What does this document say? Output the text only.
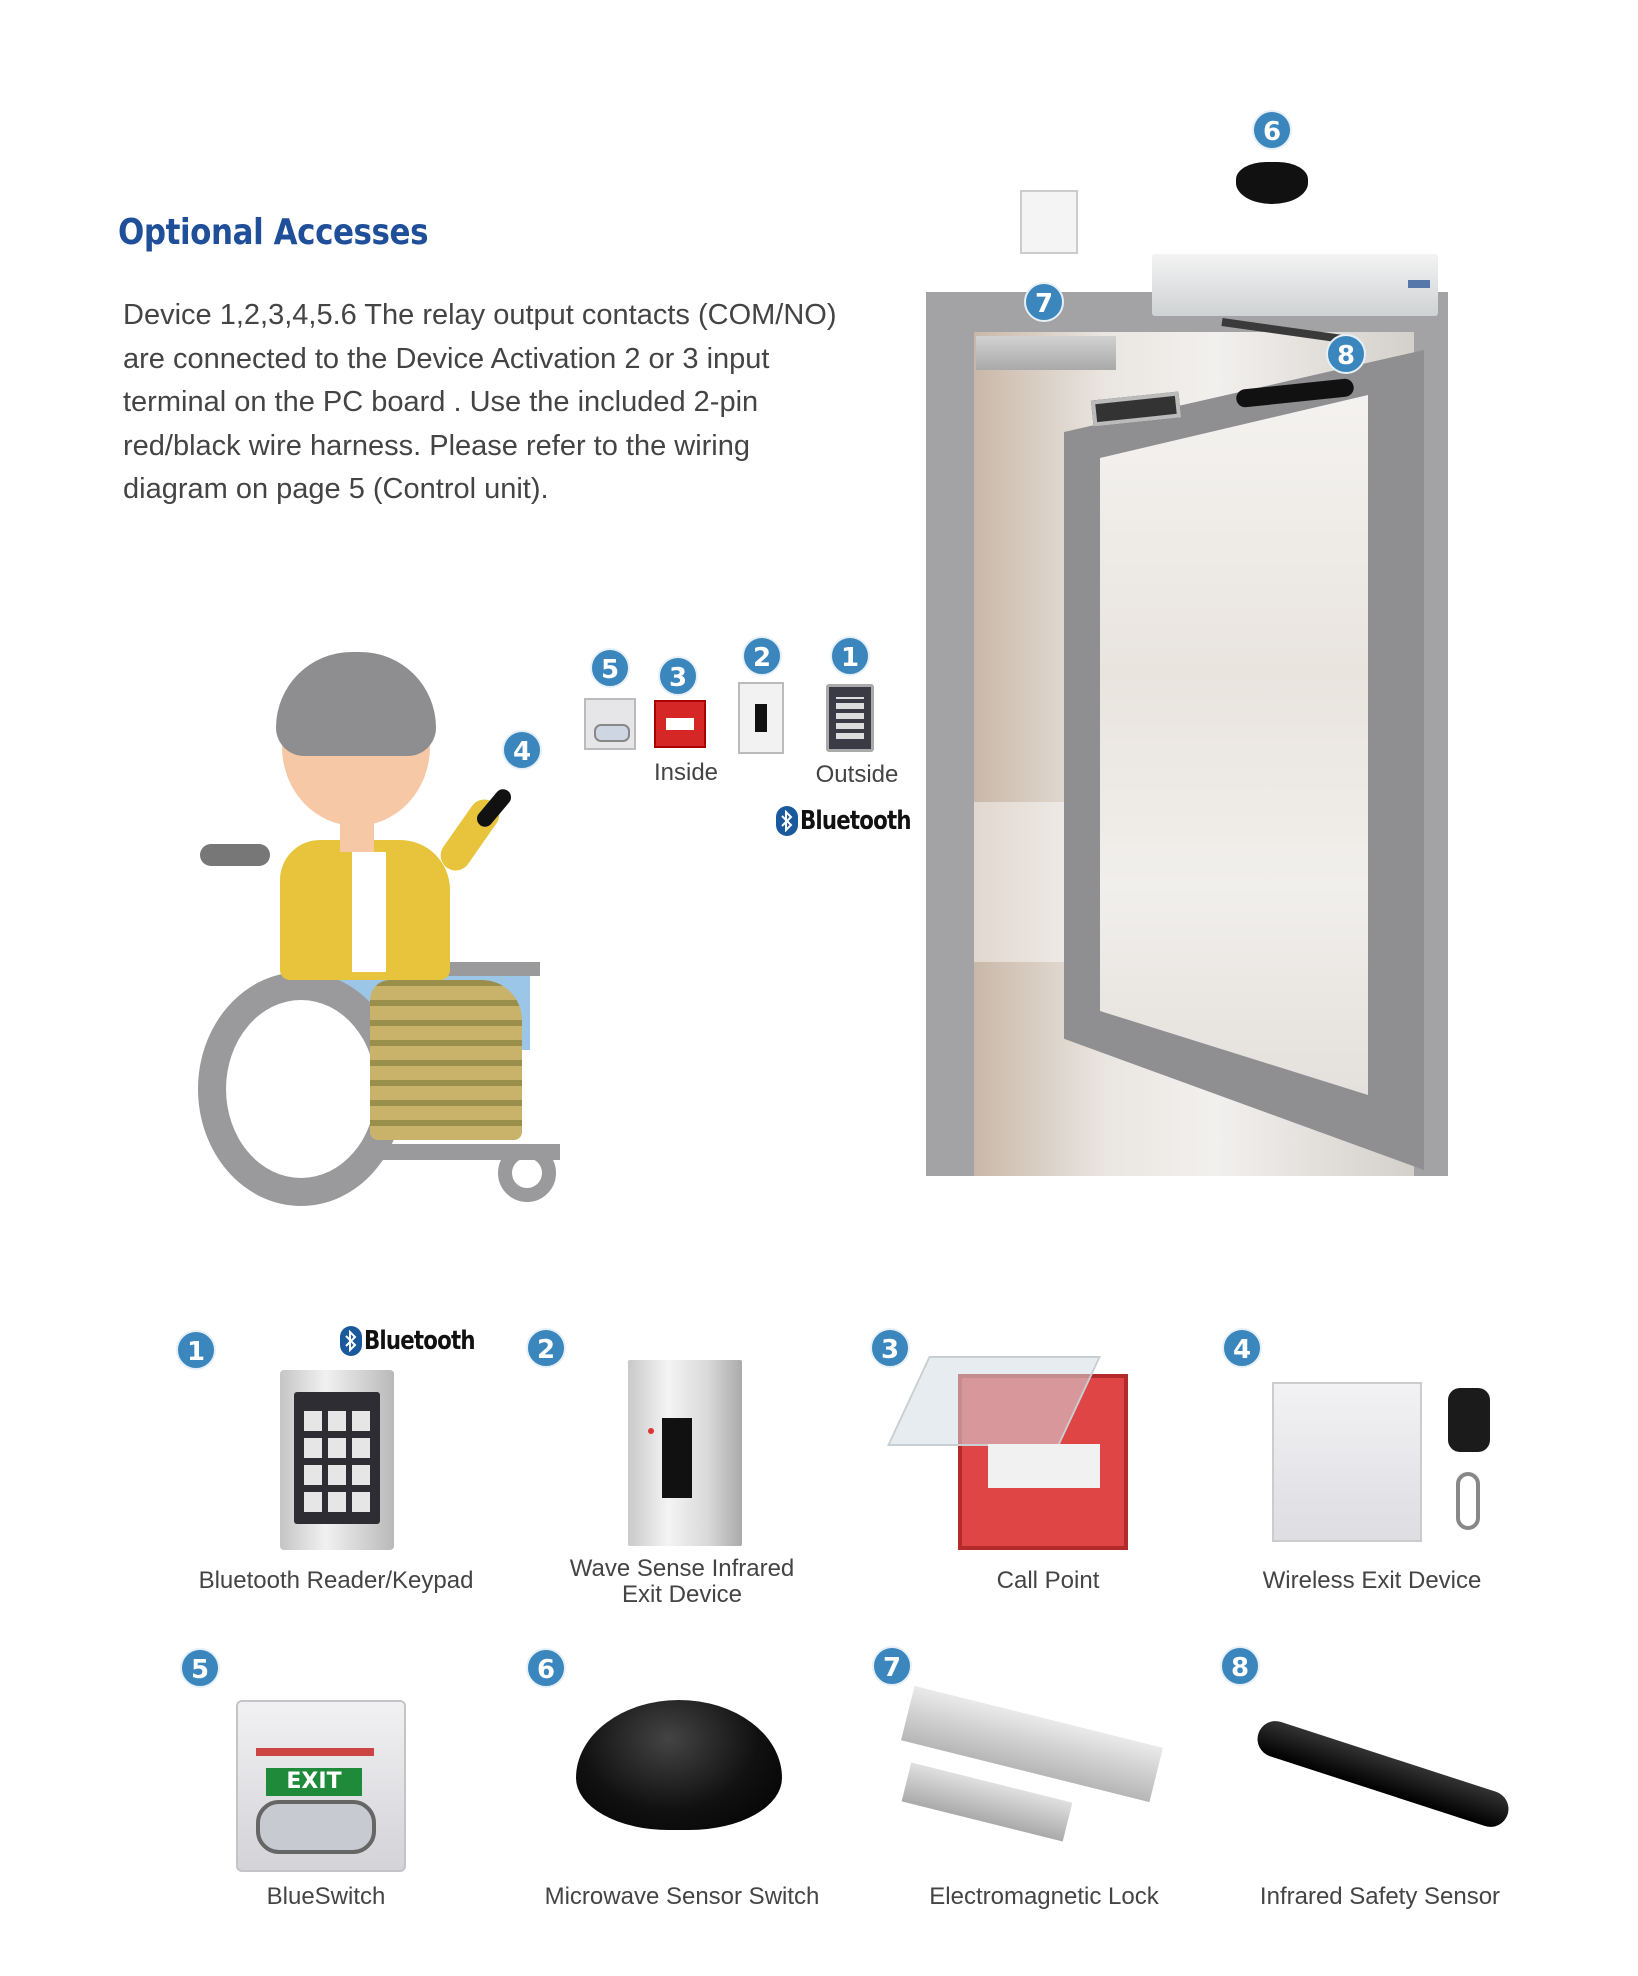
Optional Accesses
Device 1,2,3,4,5.6 The relay output contacts (COM/NO)
are connected to the Device Activation 2 or 3 input
terminal on the PC board . Use the included 2-pin
red/black wire harness. Please refer to the wiring
diagram on page 5 (Control unit).
6
7
8
4
5	3
2	1
Inside	Outside
Bluetooth
1	Bluetooth
Bluetooth Reader/Keypad
2
Wave Sense Infrared
Exit Device
3
Call Point
4
Wireless Exit Device
5
EXIT
BlueSwitch
6
Microwave Sensor Switch
7
Electromagnetic Lock
8
Infrared Safety Sensor
